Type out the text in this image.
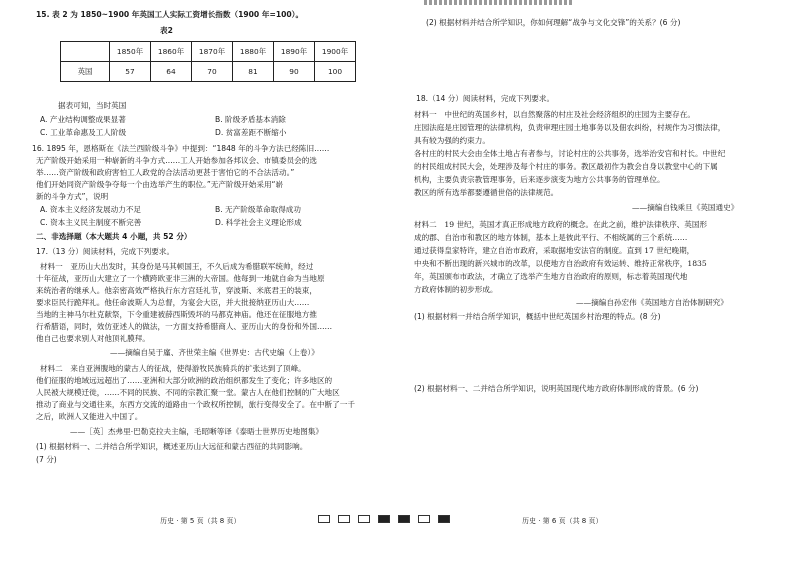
15. 表 2 为 1850~1900 年英国工人实际工资增长指数（1900 年=100）。
表2
	1850年	1860年	1870年	1880年	1890年	1900年
英国	57	64	70	81	90	100
据表可知，当时英国
A. 产业结构调整成果显著	B. 阶级矛盾基本消除
C. 工业革命惠及工人阶级	D. 贫富差距不断缩小
16. 1895 年，恩格斯在《法兰西阶级斗争》中提到：“1848 年的斗争方法已经陈旧……
无产阶级开始采用一种崭新的斗争方式……工人开始参加各邦议会、市镇委员会的选
举……资产阶级和政府害怕工人政党的合法活动更甚于害怕它的不合法活动。”
他们开始同资产阶级争夺每一个由选举产生的职位。”无产阶级开始采用“崭
新的斗争方式”，说明
A. 资本主义经济发展动力不足	B. 无产阶级革命取得成功
C. 资本主义民主制度不断完善	D. 科学社会主义理论形成
二、非选择题（本大题共 4 小题，共 52 分）
17.（13 分）阅读材料，完成下列要求。
材料一　亚历山大出发时，其身份是马其顿国王，不久后成为希腊联军统帅，经过
十年征战，亚历山大建立了一个横跨欧亚非三洲的大帝国。他每到一地就自命为当地原
来统治者的继承人。他亲密高效严格执行东方宫廷礼节，穿波斯、米底君王的装束，
要求臣民行跪拜礼。他任命波斯人为总督，为宴会大臣，并大批接纳亚历山大……
当地的主神马尔杜克献祭，下令重建被薛西斯毁坏的马都克神庙。他还在征服地方推
行希腊语，同时，效仿亚述人的做法，一方面支持希腊商人、亚历山大的身份和外国……
他自己也要求别人对他顶礼膜拜。
——摘编自吴于廑、齐世荣主编《世界史：古代史编（上卷）》
材料二　来自亚洲腹地的蒙古人的征战，使得游牧民族骑兵的扩张达到了顶峰。
他们征服的地域远远超出了……亚洲和大部分欧洲的政治组织都发生了变化；许多地区的
人民被大规模迁徙，……不同的民族、不同的宗教汇聚一堂。蒙古人在他们控制的广大地区
推动了商业与交通往来，东西方交流的道路由一个政权所控制，旅行变得安全了。在中断了一千
之后，欧洲人又能进入中国了。
——［英］杰弗里·巴勒克拉夫主编，毛昭晰等译《泰晤士世界历史地图集》
(1) 根据材料一、二并结合所学知识，概述亚历山大远征和蒙古西征的共同影响。
(7 分)
历史 · 第 5 页（共 8 页）
(2) 根据材料并结合所学知识，你如何理解“战争与文化交锋”的关系？(6 分)
18.（14 分）阅读材料，完成下列要求。
材料一　中世纪的英国乡村，以自然聚落的村庄及社会经济组织的庄园为主要存在。
庄园法庭是庄园管理的法律机构，负责审理庄园土地事务以及佃农纠纷，村规作为习惯法律，
具有较为强的约束力。
各村庄的村民大会由全体土地占有者参与，讨论村庄的公共事务，选举治安官和村长。中世纪
的村民组成村民大会，处理涉及每个村庄的事务。教区最初作为教会自身以教堂中心的下属
机构，主要负责宗教管理事务，后来逐步演变为地方公共事务的管理单位。
教区的所有选举都要遵循世俗的法律规范。
——摘编自钱乘旦《英国通史》
材料二　19 世纪，英国才真正形成地方政府的概念。在此之前，维护法律秩序、英国形
成的郡、自治市和教区的地方体制，基本上是彼此平行、不相统属的三个系统……
通过获得皇家特许，建立自治市政府，采取据地安法官的制度。直到 17 世纪晚期，
中央和不断出现的新兴城市的改革，以使地方自治政府有效运转、维持正常秩序，1835
年，英国颁布市政法，才确立了选举产生地方自治政府的原则，标志着英国现代地
方政府体制的初步形成。
——摘编自孙宏伟《英国地方自治体制研究》
(1) 根据材料一并结合所学知识，概括中世纪英国乡村治理的特点。(8 分)
(2) 根据材料一、二并结合所学知识，说明英国现代地方政府体制形成的背景。(6 分)
历史 · 第 6 页（共 8 页）
